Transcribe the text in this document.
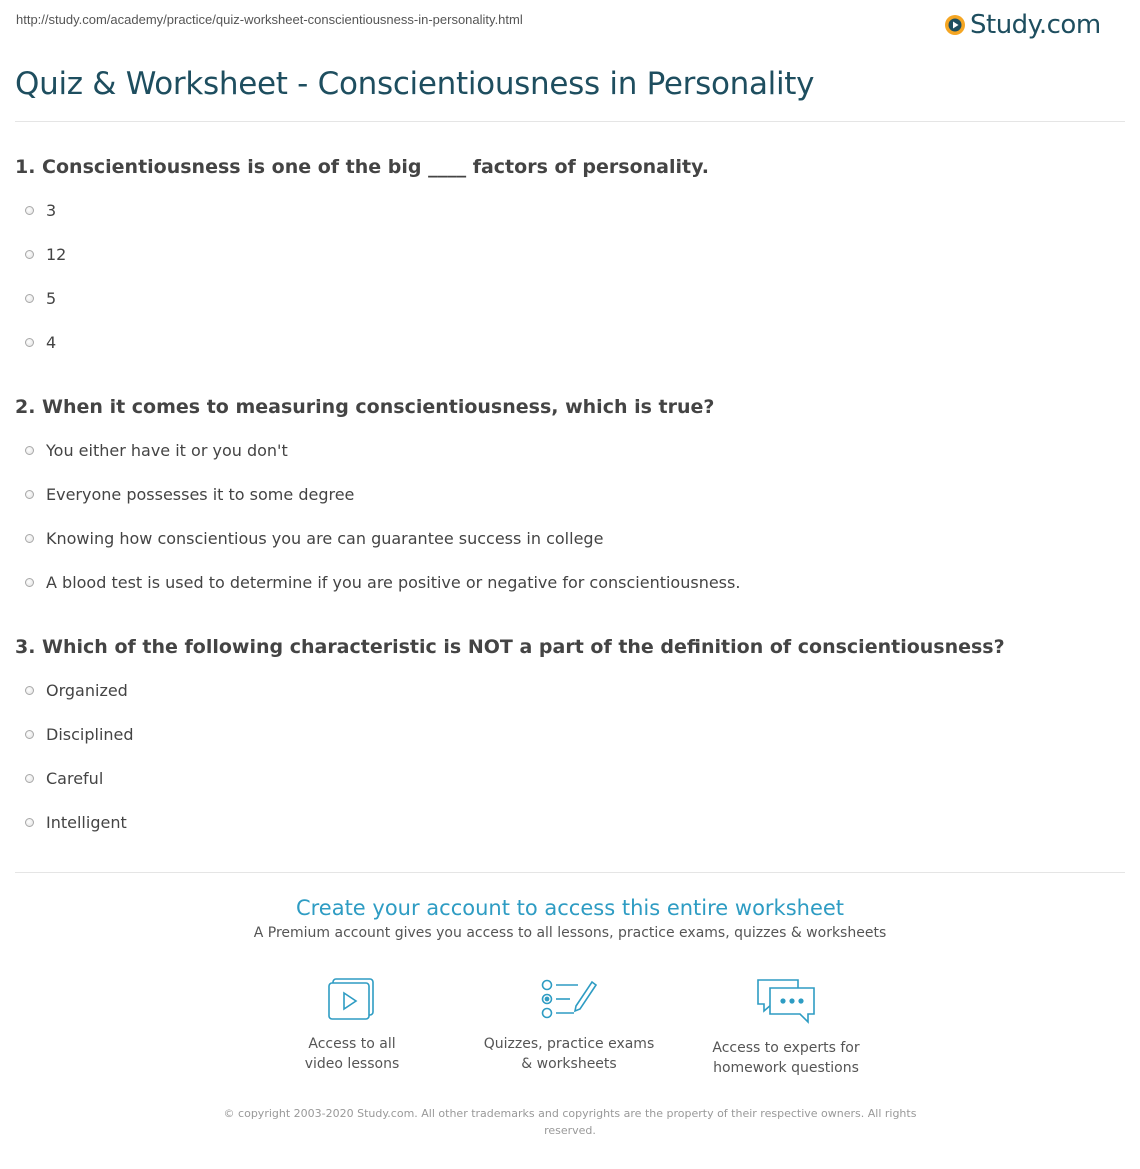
http://study.com/academy/practice/quiz-worksheet-conscientiousness-in-personality.html	Study.com
Quiz & Worksheet - Conscientiousness in Personality
1. Conscientiousness is one of the big ____ factors of personality.
3
12
5
4
2. When it comes to measuring conscientiousness, which is true?
You either have it or you don't
Everyone possesses it to some degree
Knowing how conscientious you are can guarantee success in college
A blood test is used to determine if you are positive or negative for conscientiousness.
3. Which of the following characteristic is NOT a part of the definition of conscientiousness?
Organized
Disciplined
Careful
Intelligent
Create your account to access this entire worksheet
A Premium account gives you access to all lessons, practice exams, quizzes & worksheets
Access to all
video lessons
Quizzes, practice exams
& worksheets
Access to experts for
homework questions
© copyright 2003-2020 Study.com. All other trademarks and copyrights are the property of their respective owners. All rights
reserved.
